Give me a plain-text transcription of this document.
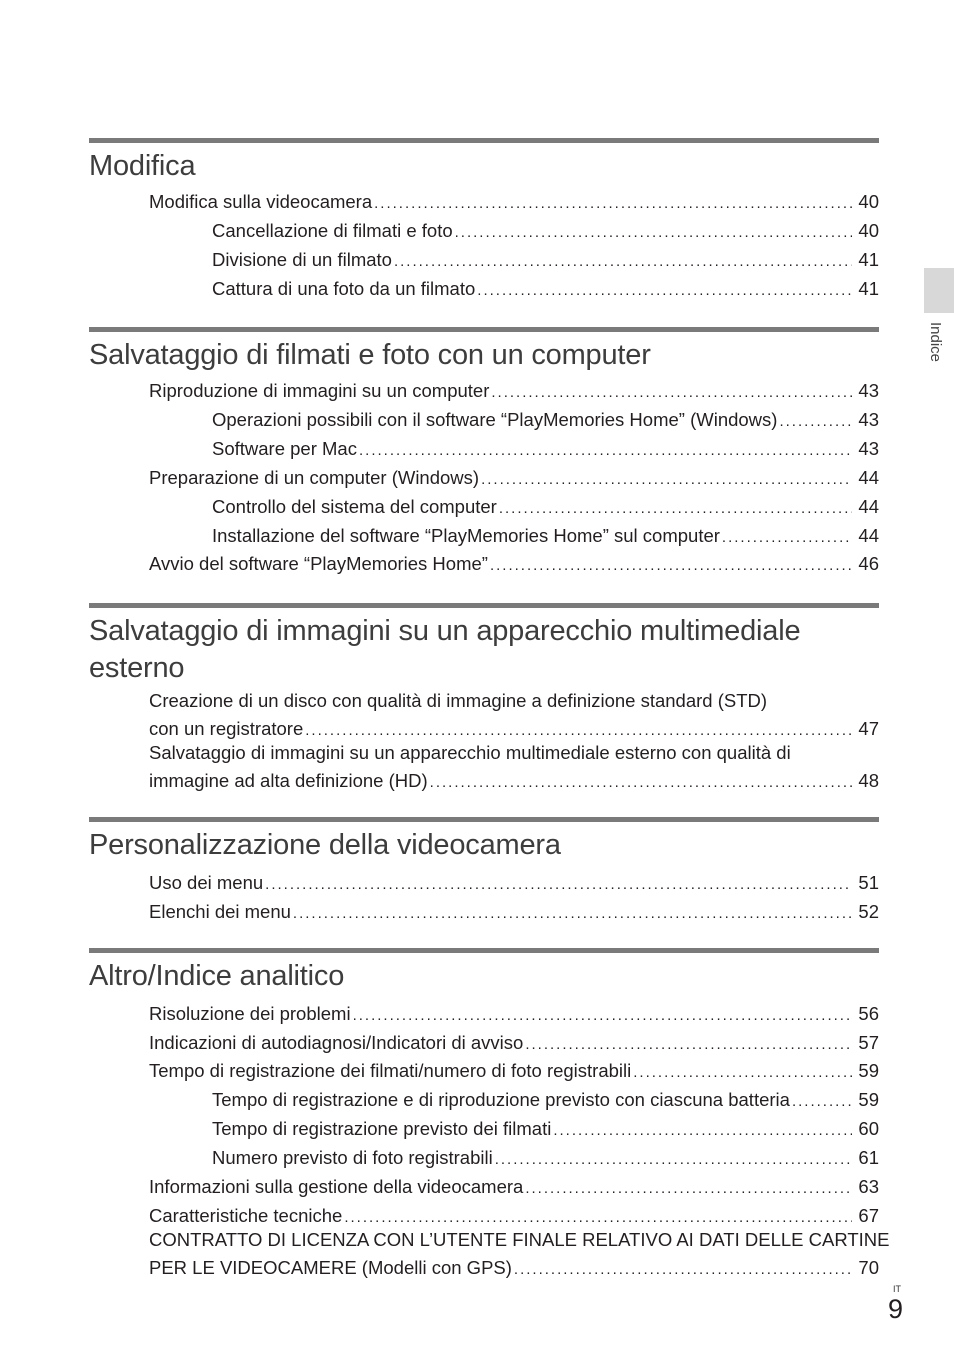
Modifica
Modifica sulla videocamera .....	40
Cancellazione di filmati e foto .....	40
Divisione di un filmato .....	41
Cattura di una foto da un filmato .....	41
Salvataggio di filmati e foto con un computer
Riproduzione di immagini su un computer .....	43
Operazioni possibili con il software “PlayMemories Home” (Windows) .....	43
Software per Mac .....	43
Preparazione di un computer (Windows) .....	44
Controllo del sistema del computer .....	44
Installazione del software “PlayMemories Home” sul computer .....	44
Avvio del software “PlayMemories Home” .....	46
Salvataggio di immagini su un apparecchio multimediale
esterno
Creazione di un disco con qualità di immagine a definizione standard (STD)
con un registratore .....	47
Salvataggio di immagini su un apparecchio multimediale esterno con qualità di
immagine ad alta definizione (HD) .....	48
Personalizzazione della videocamera
Uso dei menu .....	51
Elenchi dei menu .....	52
Altro/Indice analitico
Risoluzione dei problemi .....	56
Indicazioni di autodiagnosi/Indicatori di avviso .....	57
Tempo di registrazione dei filmati/numero di foto registrabili .....	59
Tempo di registrazione e di riproduzione previsto con ciascuna batteria .....	59
Tempo di registrazione previsto dei filmati .....	60
Numero previsto di foto registrabili .....	61
Informazioni sulla gestione della videocamera .....	63
Caratteristiche tecniche .....	67
CONTRATTO DI LICENZA CON L’UTENTE FINALE RELATIVO AI DATI DELLE CARTINE
PER LE VIDEOCAMERE (Modelli con GPS) .....	70
Indice
IT
9
